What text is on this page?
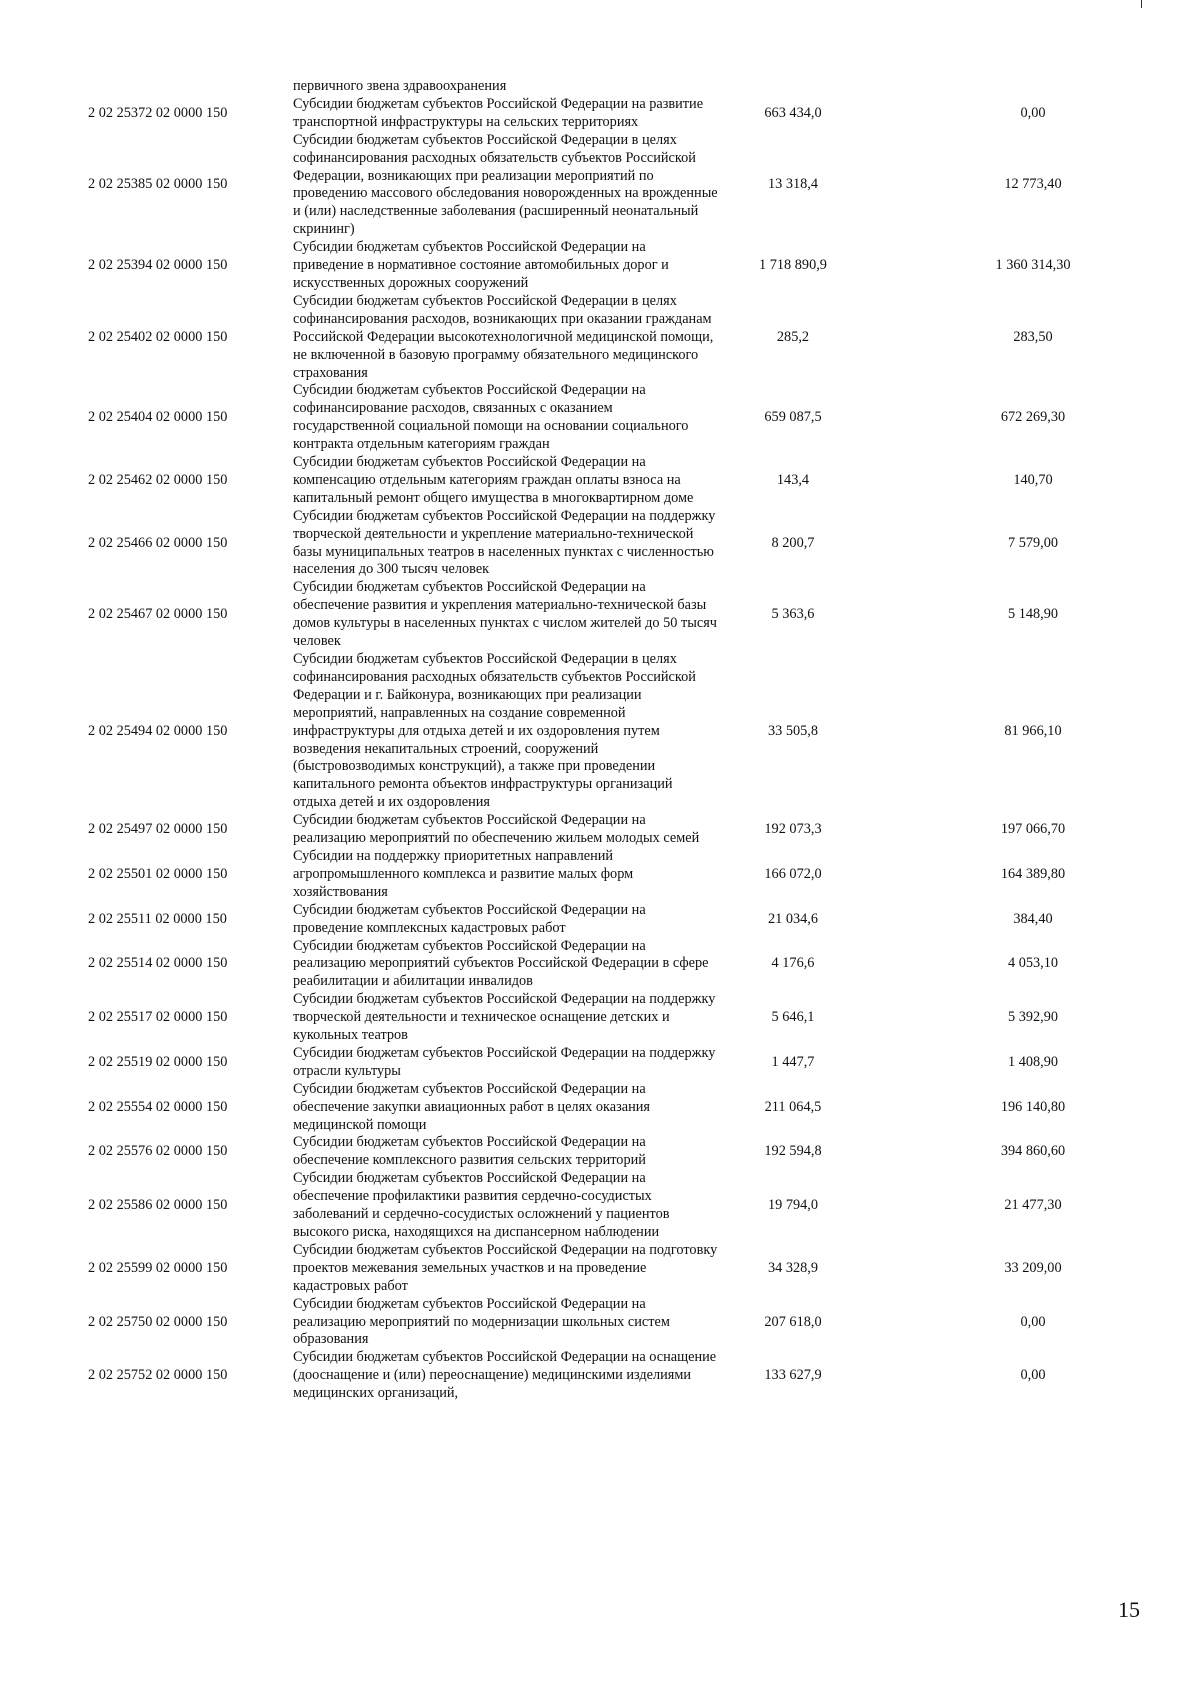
	первичного звена здравоохранения		
2 02 25372 02 0000 150	Субсидии бюджетам субъектов Российской Федерации на развитие транспортной инфраструктуры на сельских территориях	663 434,0	0,00
2 02 25385 02 0000 150	Субсидии бюджетам субъектов Российской Федерации в целях софинансирования расходных обязательств субъектов Российской Федерации, возникающих при реализации мероприятий по проведению массового обследования новорожденных на врожденные и (или) наследственные заболевания (расширенный неонатальный скрининг)	13 318,4	12 773,40
2 02 25394 02 0000 150	Субсидии бюджетам субъектов Российской Федерации на приведение в нормативное состояние автомобильных дорог и искусственных дорожных сооружений	1 718 890,9	1 360 314,30
2 02 25402 02 0000 150	Субсидии бюджетам субъектов Российской Федерации в целях софинансирования расходов, возникающих при оказании гражданам Российской Федерации высокотехнологичной медицинской помощи, не включенной в базовую программу обязательного медицинского страхования	285,2	283,50
2 02 25404 02 0000 150	Субсидии бюджетам субъектов Российской Федерации на софинансирование расходов, связанных с оказанием государственной социальной помощи на основании социального контракта отдельным категориям граждан	659 087,5	672 269,30
2 02 25462 02 0000 150	Субсидии бюджетам субъектов Российской Федерации на компенсацию отдельным категориям граждан оплаты взноса на капитальный ремонт общего имущества в многоквартирном доме	143,4	140,70
2 02 25466 02 0000 150	Субсидии бюджетам субъектов Российской Федерации на поддержку творческой деятельности и укрепление материально-технической базы муниципальных театров в населенных пунктах с численностью населения до 300 тысяч человек	8 200,7	7 579,00
2 02 25467 02 0000 150	Субсидии бюджетам субъектов Российской Федерации на обеспечение развития и укрепления материально-технической базы домов культуры в населенных пунктах с числом жителей до 50 тысяч человек	5 363,6	5 148,90
2 02 25494 02 0000 150	Субсидии бюджетам субъектов Российской Федерации в целях софинансирования расходных обязательств субъектов Российской Федерации и г. Байконура, возникающих при реализации мероприятий, направленных на создание современной инфраструктуры для отдыха детей и их оздоровления путем возведения некапитальных строений, сооружений (быстровозводимых конструкций), а также при проведении капитального ремонта объектов инфраструктуры организаций отдыха детей и их оздоровления	33 505,8	81 966,10
2 02 25497 02 0000 150	Субсидии бюджетам субъектов Российской Федерации на реализацию мероприятий по обеспечению жильем молодых семей	192 073,3	197 066,70
2 02 25501 02 0000 150	Субсидии на поддержку приоритетных направлений агропромышленного комплекса и развитие малых форм хозяйствования	166 072,0	164 389,80
2 02 25511 02 0000 150	Субсидии бюджетам субъектов Российской Федерации на проведение комплексных кадастровых работ	21 034,6	384,40
2 02 25514 02 0000 150	Субсидии бюджетам субъектов Российской Федерации на реализацию мероприятий субъектов Российской Федерации в сфере реабилитации и абилитации инвалидов	4 176,6	4 053,10
2 02 25517 02 0000 150	Субсидии бюджетам субъектов Российской Федерации на поддержку творческой деятельности и техническое оснащение детских и кукольных театров	5 646,1	5 392,90
2 02 25519 02 0000 150	Субсидии бюджетам субъектов Российской Федерации на поддержку отрасли культуры	1 447,7	1 408,90
2 02 25554 02 0000 150	Субсидии бюджетам субъектов Российской Федерации на обеспечение закупки авиационных работ в целях оказания медицинской помощи	211 064,5	196 140,80
2 02 25576 02 0000 150	Субсидии бюджетам субъектов Российской Федерации на обеспечение комплексного развития сельских территорий	192 594,8	394 860,60
2 02 25586 02 0000 150	Субсидии бюджетам субъектов Российской Федерации на обеспечение профилактики развития сердечно-сосудистых заболеваний и сердечно-сосудистых осложнений у пациентов высокого риска, находящихся на диспансерном наблюдении	19 794,0	21 477,30
2 02 25599 02 0000 150	Субсидии бюджетам субъектов Российской Федерации на подготовку проектов межевания земельных участков и на проведение кадастровых работ	34 328,9	33 209,00
2 02 25750 02 0000 150	Субсидии бюджетам субъектов Российской Федерации на реализацию мероприятий по модернизации школьных систем образования	207 618,0	0,00
2 02 25752 02 0000 150	Субсидии бюджетам субъектов Российской Федерации на оснащение (дооснащение и (или) переоснащение) медицинскими изделиями медицинских организаций,	133 627,9	0,00
15
